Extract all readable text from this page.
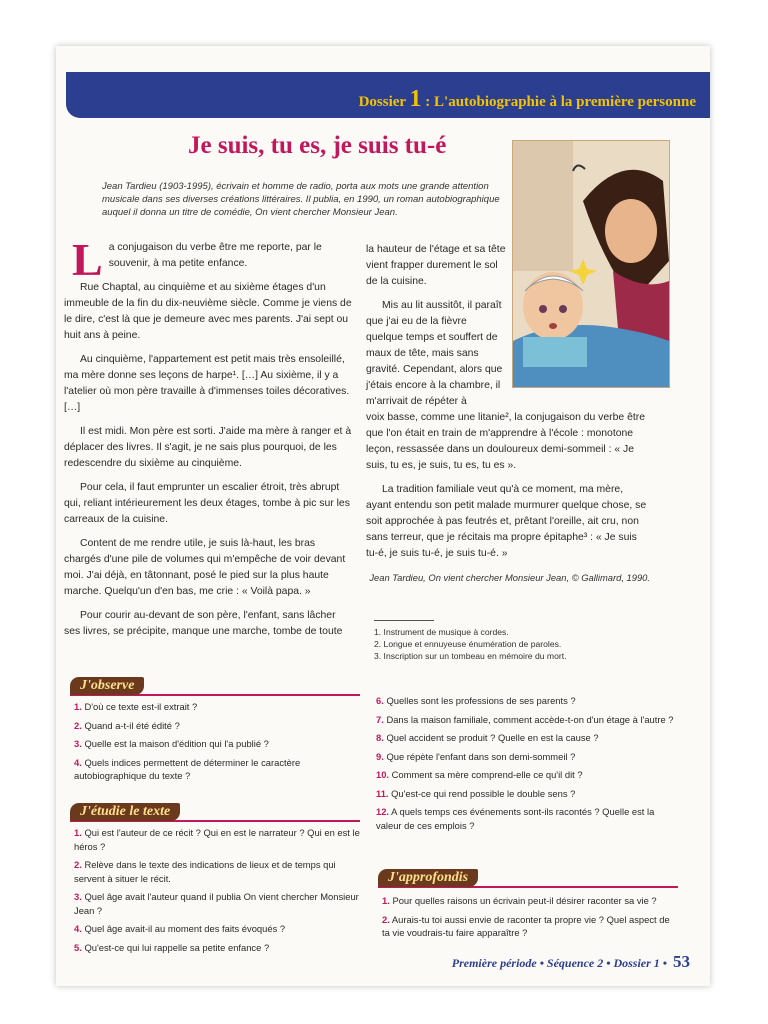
Dossier 1 : L'autobiographie à la première personne
Je suis, tu es, je suis tu-é
Jean Tardieu (1903-1995), écrivain et homme de radio, porta aux mots une grande attention musicale dans ses diverses créations littéraires. Il publia, en 1990, un roman autobiographique auquel il donna un titre de comédie, On vient chercher Monsieur Jean.

La conjugaison du verbe être me reporte, par le souvenir, à ma petite enfance.

Rue Chaptal, au cinquième et au sixième étages d'un immeuble de la fin du dix-neuvième siècle. Comme je viens de le dire, c'est là que je demeure avec mes parents. J'ai sept ou huit ans à peine.

Au cinquième, l'appartement est petit mais très ensoleillé, ma mère donne ses leçons de harpe¹. […] Au sixième, il y a l'atelier où mon père travaille à d'immenses toiles décoratives. […]

Il est midi. Mon père est sorti. J'aide ma mère à ranger et à déplacer des livres. Il s'agit, je ne sais plus pourquoi, de les redescendre du sixième au cinquième.

Pour cela, il faut emprunter un escalier étroit, très abrupt qui, reliant intérieurement les deux étages, tombe à pic sur les carreaux de la cuisine.

Content de me rendre utile, je suis là-haut, les bras chargés d'une pile de volumes qui m'empêche de voir devant moi. J'ai déjà, en tâtonnant, posé le pied sur la plus haute marche. Quelqu'un d'en bas, me crie : « Voilà papa. »

Pour courir au-devant de son père, l'enfant, sans lâcher ses livres, se précipite, manque une marche, tombe de toute

la hauteur de l'étage et sa tête vient frapper durement le sol de la cuisine.

Mis au lit aussitôt, il paraît que j'ai eu de la fièvre quelque temps et souffert de maux de tête, mais sans gravité. Cependant, alors que j'étais encore à la chambre, il m'arrivait de répéter à

voix basse, comme une litanie², la conjugaison du verbe être que l'on était en train de m'apprendre à l'école : monotone leçon, ressassée dans un douloureux demi-sommeil : « Je suis, tu es, je suis, tu es, tu es ».

La tradition familiale veut qu'à ce moment, ma mère, ayant entendu son petit malade murmurer quelque chose, se soit approchée à pas feutrés et, prêtant l'oreille, ait cru, non sans terreur, que je récitais ma propre épitaphe³ : « Je suis tu-é, je suis tu-é, je suis tu-é. »

Jean Tardieu, On vient chercher Monsieur Jean, © Gallimard, 1990.
1. Instrument de musique à cordes.
2. Longue et ennuyeuse énumération de paroles.
3. Inscription sur un tombeau en mémoire du mort.
J'observe
1. D'où ce texte est-il extrait ?
2. Quand a-t-il été édité ?
3. Quelle est la maison d'édition qui l'a publié ?
4. Quels indices permettent de déterminer le caractère autobiographique du texte ?
J'étudie le texte
1. Qui est l'auteur de ce récit ? Qui en est le narrateur ? Qui en est le héros ?
2. Relève dans le texte des indications de lieux et de temps qui servent à situer le récit.
3. Quel âge avait l'auteur quand il publia On vient chercher Monsieur Jean ?
4. Quel âge avait-il au moment des faits évoqués ?
5. Qu'est-ce qui lui rappelle sa petite enfance ?
6. Quelles sont les professions de ses parents ?
7. Dans la maison familiale, comment accède-t-on d'un étage à l'autre ?
8. Quel accident se produit ? Quelle en est la cause ?
9. Que répète l'enfant dans son demi-sommeil ?
10. Comment sa mère comprend-elle ce qu'il dit ?
11. Qu'est-ce qui rend possible le double sens ?
12. A quels temps ces événements sont-ils racontés ? Quelle est la valeur de ces emplois ?
J'approfondis
1. Pour quelles raisons un écrivain peut-il désirer raconter sa vie ?
2. Aurais-tu toi aussi envie de raconter ta propre vie ? Quel aspect de ta vie voudrais-tu faire apparaître ?
Première période • Séquence 2 • Dossier 1 • 53
